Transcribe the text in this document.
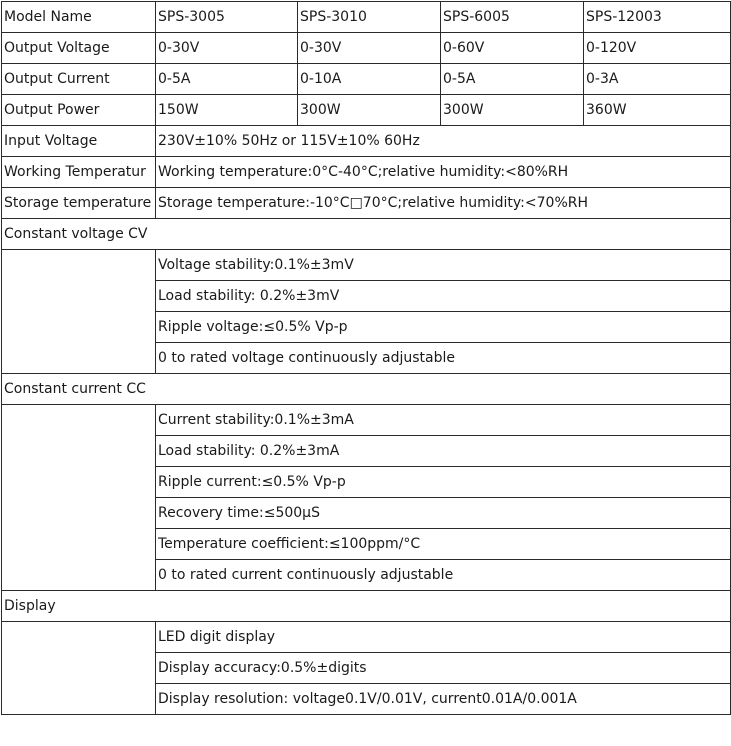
Model Name	SPS-3005	SPS-3010	SPS-6005	SPS-12003
Output Voltage	0-30V	0-30V	0-60V	0-120V
Output Current	0-5A	0-10A	0-5A	0-3A
Output Power	150W	300W	300W	360W
Input Voltage	230V±10% 50Hz or 115V±10% 60Hz			
Working Temperatur	Working temperature:0°C-40°C;relative humidity:<80%RH			
Storage temperature	Storage temperature:-10°C□70°C;relative humidity:<70%RH			
Constant voltage CV				
	Voltage stability:0.1%±3mV			
	Load stability: 0.2%±3mV			
	Ripple voltage:≤0.5% Vp-p			
	0 to rated voltage continuously adjustable			
Constant current CC				
	Current stability:0.1%±3mA			
	Load stability: 0.2%±3mA			
	Ripple current:≤0.5% Vp-p			
	Recovery time:≤500µS			
	Temperature coefficient:≤100ppm/°C			
	0 to rated current continuously adjustable			
Display				
	LED digit display			
	Display accuracy:0.5%±digits			
	Display resolution: voltage0.1V/0.01V, current0.01A/0.001A			
